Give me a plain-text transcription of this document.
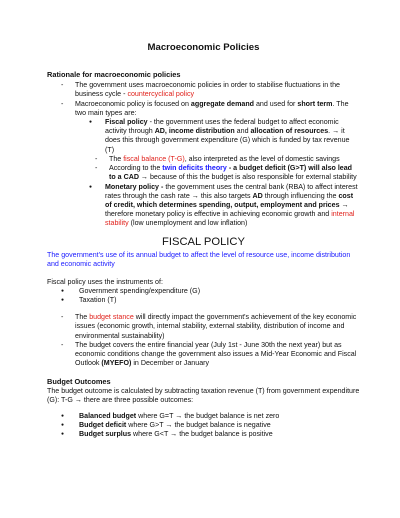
Macroeconomic Policies
Rationale for macroeconomic policies
- The government uses macroeconomic policies in order to stabilise fluctuations in the business cycle - countercyclical policy
- Macroeconomic policy is focused on aggregate demand and used for short term. The two main types are:
● Fiscal policy - the government uses the federal budget to affect economic activity through AD, income distribution and allocation of resources. → it does this through government expenditure (G) which is funded by tax revenue (T)
- The fiscal balance (T-G), also interpreted as the level of domestic savings
- According to the twin deficits theory - a budget deficit (G>T) will also lead to a CAD → because of this the budget is also responsible for external stability
● Monetary policy - the government uses the central bank (RBA) to affect interest rates through the cash rate → this also targets AD through influencing the cost of credit, which determines spending, output, employment and prices → therefore monetary policy is effective in achieving economic growth and internal stability (low unemployment and low inflation)
FISCAL POLICY
The government's use of its annual budget to affect the level of resource use, income distribution and economic activity
Fiscal policy uses the instruments of:
● Government spending/expenditure (G)
● Taxation (T)
- The budget stance will directly impact the government's achievement of the key economic issues (economic growth, internal stability, external stability, distribution of income and environmental sustainability)
- The budget covers the entire financial year (July 1st - June 30th the next year) but as economic conditions change the government also issues a Mid-Year Economic and Fiscal Outlook (MYEFO) in December or January
Budget Outcomes
The budget outcome is calculated by subtracting taxation revenue (T) from government expenditure (G): T-G → there are three possible outcomes:
● Balanced budget where G=T → the budget balance is net zero
● Budget deficit where G>T → the budget balance is negative
● Budget surplus where G<T → the budget balance is positive
